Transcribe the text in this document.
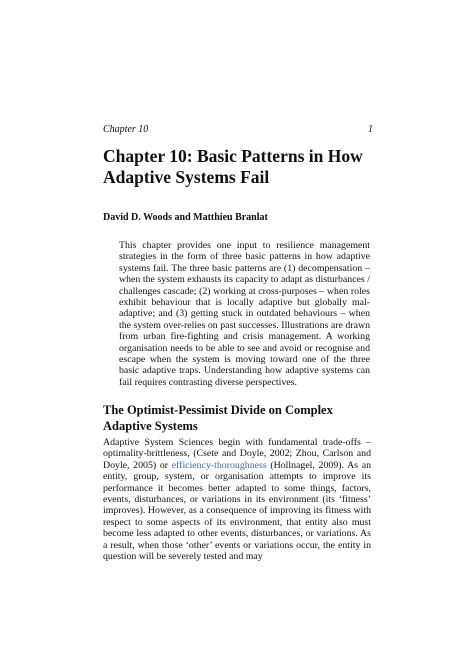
Chapter 10	1
Chapter 10: Basic Patterns in How Adaptive Systems Fail
David D. Woods and Matthieu Branlat

This chapter provides one input to resilience management strategies in the form of three basic patterns in how adaptive systems fail. The three basic patterns are (1) decompensation – when the system exhausts its capacity to adapt as disturbances / challenges cascade; (2) working at cross-purposes – when roles exhibit behaviour that is locally adaptive but globally mal-adaptive; and (3) getting stuck in outdated behaviours – when the system over-relies on past successes. Illustrations are drawn from urban fire-fighting and crisis management. A working organisation needs to be able to see and avoid or recognise and escape when the system is moving toward one of the three basic adaptive traps. Understanding how adaptive systems can fail requires contrasting diverse perspectives.

The Optimist-Pessimist Divide on Complex Adaptive Systems

Adaptive System Sciences begin with fundamental trade-offs – optimality-brittleness, (Csete and Doyle, 2002; Zhou, Carlson and Doyle, 2005) or efficiency-thoroughness (Hollnagel, 2009). As an entity, group, system, or organisation attempts to improve its performance it becomes better adapted to some things, factors, events, disturbances, or variations in its environment (its ‘fitness’ improves). However, as a consequence of improving its fitness with respect to some aspects of its environment, that entity also must become less adapted to other events, disturbances, or variations. As a result, when those ‘other’ events or variations occur, the entity in question will be severely tested and may
